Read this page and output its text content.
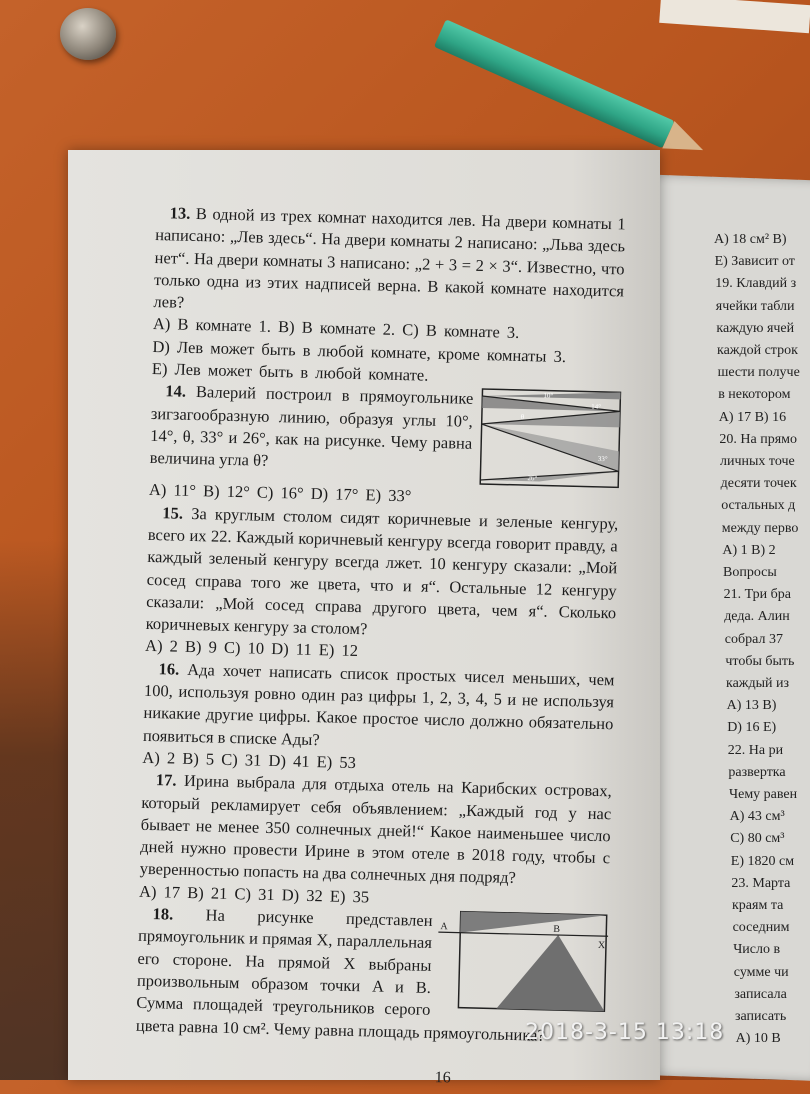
A) 18 см² B)
E) Зависит от
19. Клавдий з
ячейки табли
каждую ячей
каждой строк
шести получе
в некотором
A) 17 B) 16
20. На прямо
личных точе
десяти точек
остальных д
между перво
A) 1 B) 2
Вопросы
21. Три бра
деда. Алин
собрал 37
чтобы быть
каждый из
A) 13 B)
D) 16 E)
22. На ри
развертка
Чему равен
A) 43 см³
C) 80 см³
E) 1820 см
23. Марта
краям та
соседним
Число в
сумме чи
записала
записать
A) 10 B

13. В одной из трех комнат находится лев. На двери комнаты 1 написано: „Лев здесь“. На двери комнаты 2 написано: „Льва здесь нет“. На двери комнаты 3 написано: „2 + 3 = 2 × 3“. Известно, что только одна из этих надписей верна. В какой комнате находится лев?

A) В комнате 1. B) В комнате 2. C) В комнате 3.

D) Лев может быть в любой комнате, кроме комнаты 3.

E) Лев может быть в любой комнате.

10°
14°
θ
33°
26°
14. Валерий построил в прямоугольнике зигзагообразную линию, образуя углы 10°, 14°, θ, 33° и 26°, как на рисунке. Чему равна величина угла θ?

A) 11° B) 12° C) 16° D) 17° E) 33°

15. За круглым столом сидят коричневые и зеленые кенгуру, всего их 22. Каждый коричневый кенгуру всегда говорит правду, а каждый зеленый кенгуру всегда лжет. 10 кенгуру сказали: „Мой сосед справа того же цвета, что и я“. Остальные 12 кенгуру сказали: „Мой сосед справа другого цвета, чем я“. Сколько коричневых кенгуру за столом?

A) 2 B) 9 C) 10 D) 11 E) 12

16. Ада хочет написать список простых чисел меньших, чем 100, используя ровно один раз цифры 1, 2, 3, 4, 5 и не используя никакие другие цифры. Какое простое число должно обязательно появиться в списке Ады?

A) 2 B) 5 C) 31 D) 41 E) 53

17. Ирина выбрала для отдыха отель на Карибских островах, который рекламирует себя объявлением: „Каждый год у нас бывает не менее 350 солнечных дней!“ Какое наименьшее число дней нужно провести Ирине в этом отеле в 2018 году, чтобы с уверенностью попасть на два солнечных дня подряд?

A) 17 B) 21 C) 31 D) 32 E) 35

A	B
X
18. На рисунке представлен прямоугольник и прямая X, параллельная его стороне. На прямой X выбраны произвольным образом точки A и B. Сумма площадей треугольников серого цвета равна 10 см². Чему равна площадь прямоугольника?

16
2018-3-15 13:18
